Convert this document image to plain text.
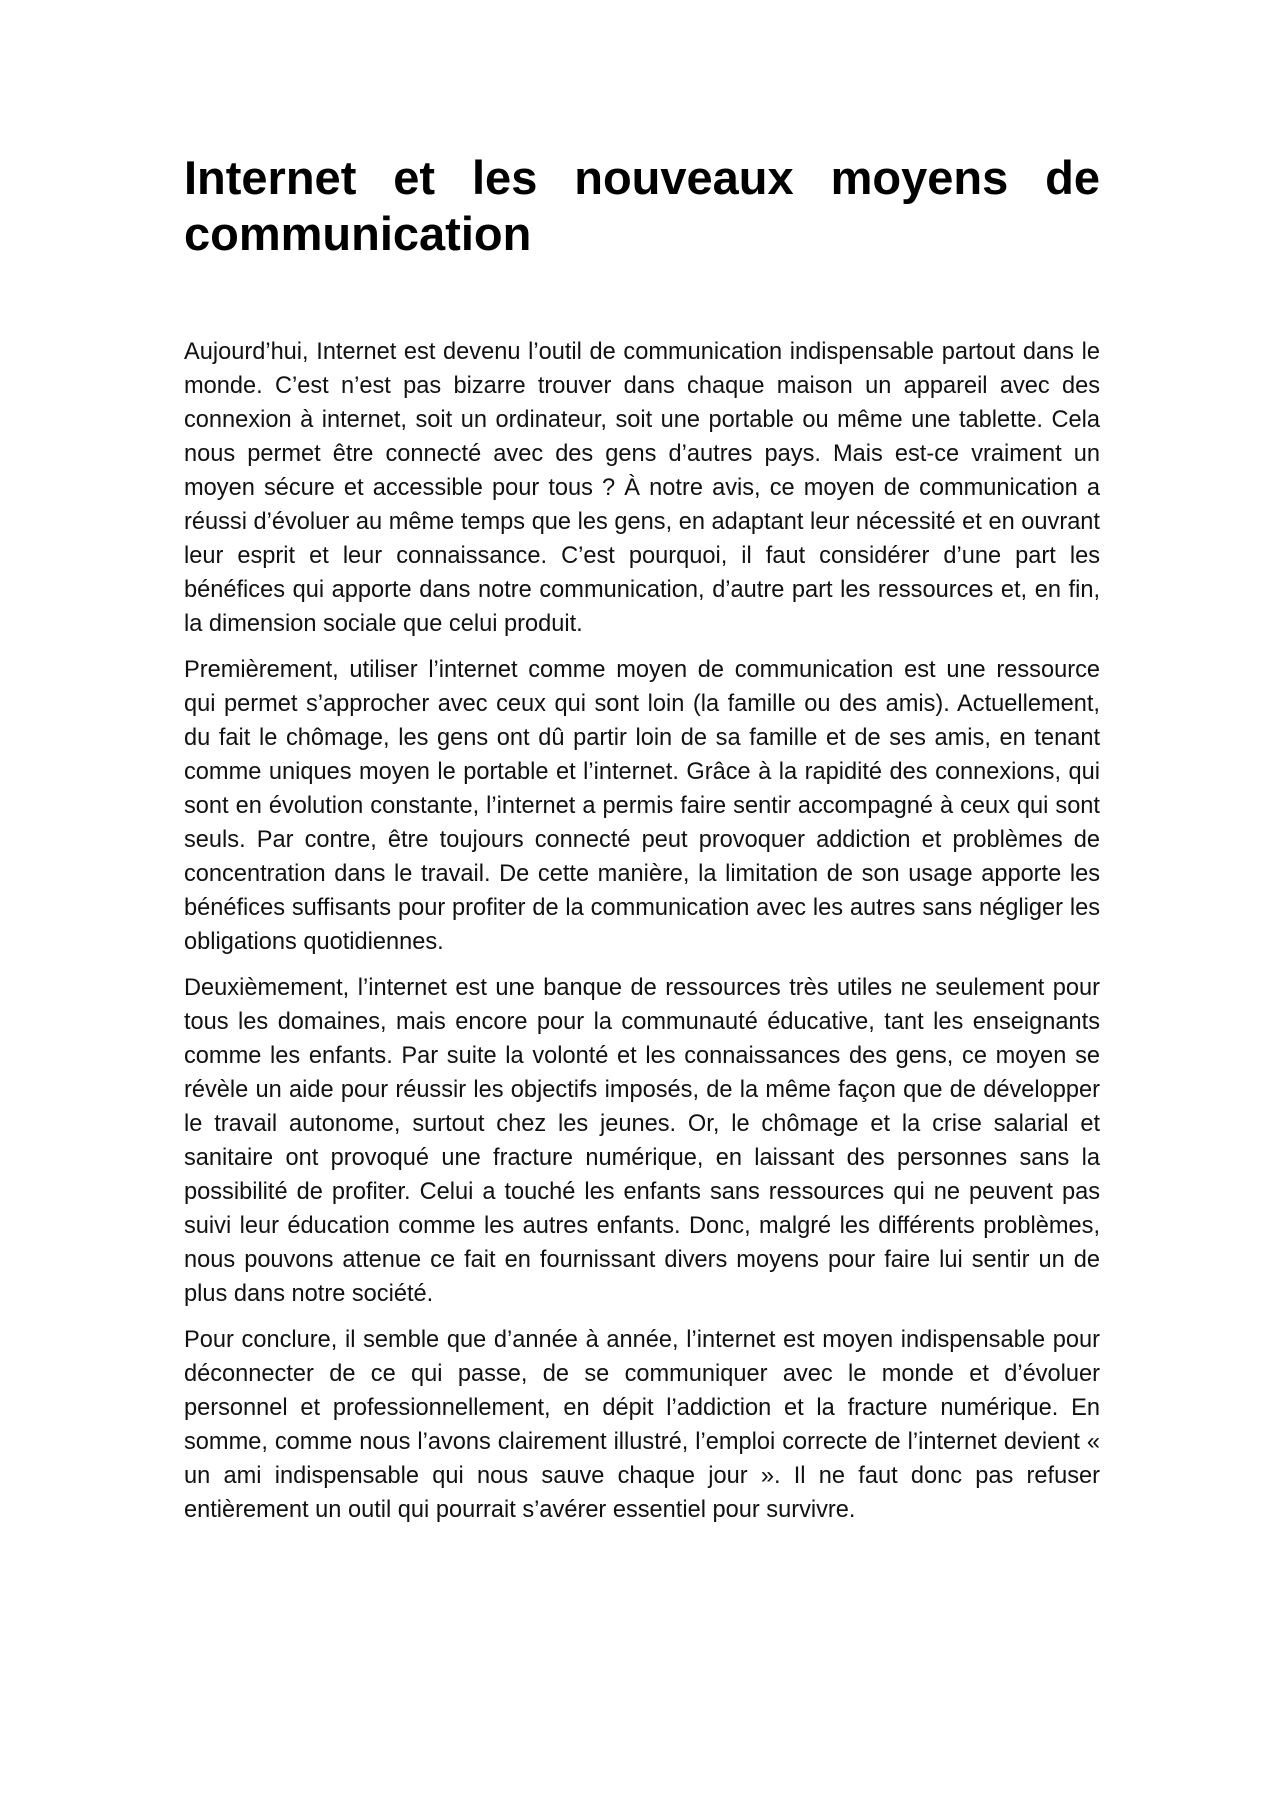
Internet et les nouveaux moyens de communication

Aujourd’hui, Internet est devenu l’outil de communication indispensable partout dans le monde. C’est n’est pas bizarre trouver dans chaque maison un appareil avec des connexion à internet, soit un ordinateur, soit une portable ou même une tablette. Cela nous permet être connecté avec des gens d’autres pays. Mais est-ce vraiment un moyen sécure et accessible pour tous ? À notre avis, ce moyen de communication a réussi d’évoluer au même temps que les gens, en adaptant leur nécessité et en ouvrant leur esprit et leur connaissance. C’est pourquoi, il faut considérer d’une part les bénéfices qui apporte dans notre communication, d’autre part les ressources et, en fin, la dimension sociale que celui produit.

Premièrement, utiliser l’internet comme moyen de communication est une ressource qui permet s’approcher avec ceux qui sont loin (la famille ou des amis). Actuellement, du fait le chômage, les gens ont dû partir loin de sa famille et de ses amis, en tenant comme uniques moyen le portable et l’internet. Grâce à la rapidité des connexions, qui sont en évolution constante, l’internet a permis faire sentir accompagné à ceux qui sont seuls. Par contre, être toujours connecté peut provoquer addiction et problèmes de concentration dans le travail. De cette manière, la limitation de son usage apporte les bénéfices suffisants pour profiter de la communication avec les autres sans négliger les obligations quotidiennes.

Deuxièmement, l’internet est une banque de ressources très utiles ne seulement pour tous les domaines, mais encore pour la communauté éducative, tant les enseignants comme les enfants. Par suite la volonté et les connaissances des gens, ce moyen se révèle un aide pour réussir les objectifs imposés, de la même façon que de développer le travail autonome, surtout chez les jeunes. Or, le chômage et la crise salarial et sanitaire ont provoqué une fracture numérique, en laissant des personnes sans la possibilité de profiter. Celui a touché les enfants sans ressources qui ne peuvent pas suivi leur éducation comme les autres enfants. Donc, malgré les différents problèmes, nous pouvons attenue ce fait en fournissant divers moyens pour faire lui sentir un de plus dans notre société.

Pour conclure, il semble que d’année à année, l’internet est moyen indispensable pour déconnecter de ce qui passe, de se communiquer avec le monde et d’évoluer personnel et professionnellement, en dépit l’addiction et la fracture numérique. En somme, comme nous l’avons clairement illustré, l’emploi correcte de l’internet devient « un ami indispensable qui nous sauve chaque jour ». Il ne faut donc pas refuser entièrement un outil qui pourrait s’avérer essentiel pour survivre.
